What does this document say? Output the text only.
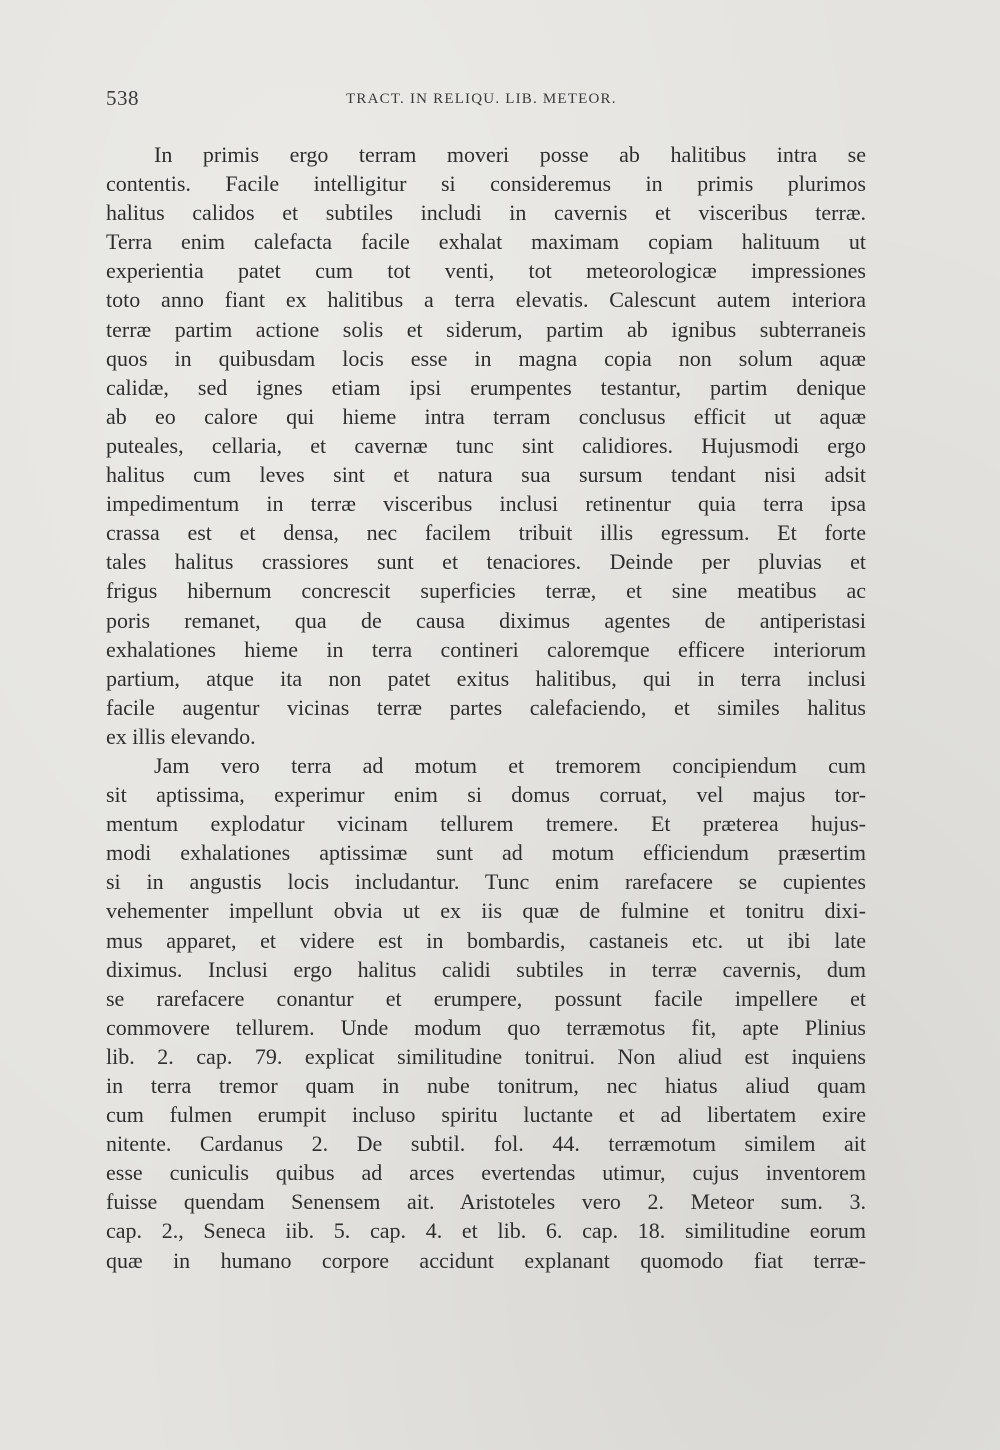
538	TRACT. IN RELIQU. LIB. METEOR.
In primis ergo terram moveri posse ab halitibus intra se
contentis. Facile intelligitur si consideremus in primis plurimos
halitus calidos et subtiles includi in cavernis et visceribus terræ.
Terra enim calefacta facile exhalat maximam copiam halituum ut
experientia patet cum tot venti, tot meteorologicæ impressiones
toto anno fiant ex halitibus a terra elevatis. Calescunt autem interiora
terræ partim actione solis et siderum, partim ab ignibus subterraneis
quos in quibusdam locis esse in magna copia non solum aquæ
calidæ, sed ignes etiam ipsi erumpentes testantur, partim denique
ab eo calore qui hieme intra terram conclusus efficit ut aquæ
puteales, cellaria, et cavernæ tunc sint calidiores. Hujusmodi ergo
halitus cum leves sint et natura sua sursum tendant nisi adsit
impedimentum in terræ visceribus inclusi retinentur quia terra ipsa
crassa est et densa, nec facilem tribuit illis egressum. Et forte
tales halitus crassiores sunt et tenaciores. Deinde per pluvias et
frigus hibernum concrescit superficies terræ, et sine meatibus ac
poris remanet, qua de causa diximus agentes de antiperistasi
exhalationes hieme in terra contineri caloremque efficere interiorum
partium, atque ita non patet exitus halitibus, qui in terra inclusi
facile augentur vicinas terræ partes calefaciendo, et similes halitus
ex illis elevando.
Jam vero terra ad motum et tremorem concipiendum cum
sit aptissima, experimur enim si domus corruat, vel majus tor-
mentum explodatur vicinam tellurem tremere. Et præterea hujus-
modi exhalationes aptissimæ sunt ad motum efficiendum præsertim
si in angustis locis includantur. Tunc enim rarefacere se cupientes
vehementer impellunt obvia ut ex iis quæ de fulmine et tonitru dixi-
mus apparet, et videre est in bombardis, castaneis etc. ut ibi late
diximus. Inclusi ergo halitus calidi subtiles in terræ cavernis, dum
se rarefacere conantur et erumpere, possunt facile impellere et
commovere tellurem. Unde modum quo terræmotus fit, apte Plinius
lib. 2. cap. 79. explicat similitudine tonitrui. Non aliud est inquiens
in terra tremor quam in nube tonitrum, nec hiatus aliud quam
cum fulmen erumpit incluso spiritu luctante et ad libertatem exire
nitente. Cardanus 2. De subtil. fol. 44. terræmotum similem ait
esse cuniculis quibus ad arces evertendas utimur, cujus inventorem
fuisse quendam Senensem ait. Aristoteles vero 2. Meteor sum. 3.
cap. 2., Seneca iib. 5. cap. 4. et lib. 6. cap. 18. similitudine eorum
quæ in humano corpore accidunt explanant quomodo fiat terræ-
